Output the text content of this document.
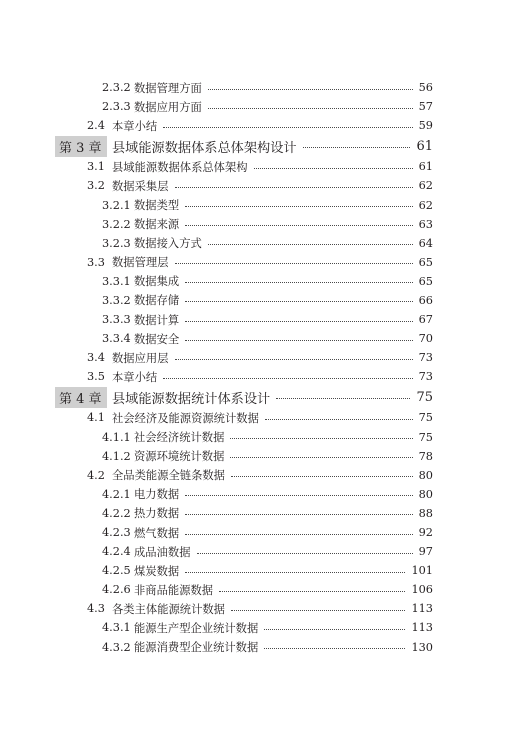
2.3.2 数据管理方面	56
2.3.3 数据应用方面	57
2.4 本章小结	59
第 3 章 县域能源数据体系总体架构设计	61
3.1 县域能源数据体系总体架构	61
3.2 数据采集层	62
3.2.1 数据类型	62
3.2.2 数据来源	63
3.2.3 数据接入方式	64
3.3 数据管理层	65
3.3.1 数据集成	65
3.3.2 数据存储	66
3.3.3 数据计算	67
3.3.4 数据安全	70
3.4 数据应用层	73
3.5 本章小结	73
第 4 章 县域能源数据统计体系设计	75
4.1 社会经济及能源资源统计数据	75
4.1.1 社会经济统计数据	75
4.1.2 资源环境统计数据	78
4.2 全品类能源全链条数据	80
4.2.1 电力数据	80
4.2.2 热力数据	88
4.2.3 燃气数据	92
4.2.4 成品油数据	97
4.2.5 煤炭数据	101
4.2.6 非商品能源数据	106
4.3 各类主体能源统计数据	113
4.3.1 能源生产型企业统计数据	113
4.3.2 能源消费型企业统计数据	130
